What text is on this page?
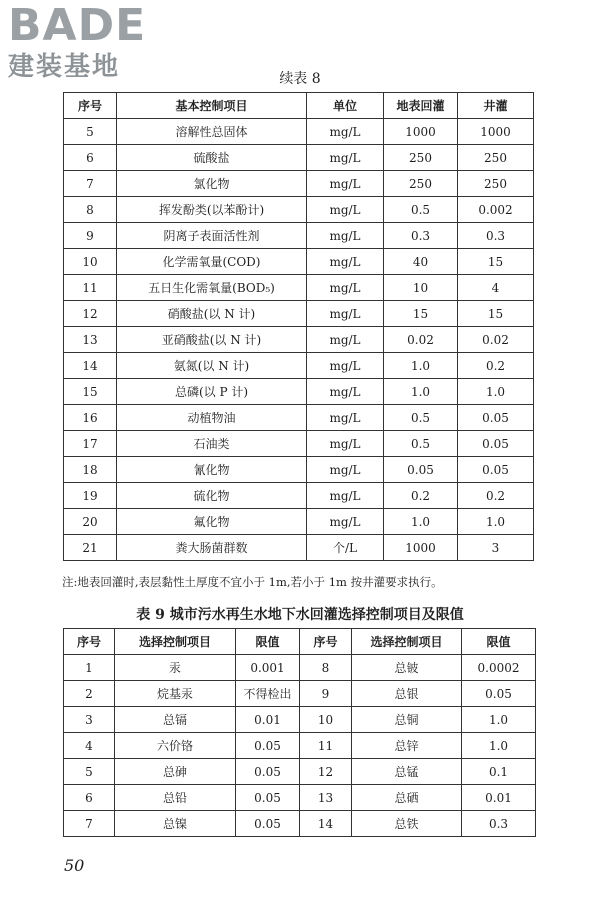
BADE
建装基地	续表 8
序号	基本控制项目	单位	地表回灌	井灌
5	溶解性总固体	mg/L	1000	1000
6	硫酸盐	mg/L	250	250
7	氯化物	mg/L	250	250
8	挥发酚类(以苯酚计)	mg/L	0.5	0.002
9	阴离子表面活性剂	mg/L	0.3	0.3
10	化学需氧量(COD)	mg/L	40	15
11	五日生化需氧量(BOD₅)	mg/L	10	4
12	硝酸盐(以 N 计)	mg/L	15	15
13	亚硝酸盐(以 N 计)	mg/L	0.02	0.02
14	氨氮(以 N 计)	mg/L	1.0	0.2
15	总磷(以 P 计)	mg/L	1.0	1.0
16	动植物油	mg/L	0.5	0.05
17	石油类	mg/L	0.5	0.05
18	氰化物	mg/L	0.05	0.05
19	硫化物	mg/L	0.2	0.2
20	氟化物	mg/L	1.0	1.0
21	粪大肠菌群数	个/L	1000	3
注:地表回灌时,表层黏性土厚度不宜小于 1m,若小于 1m 按井灌要求执行。
表 9 城市污水再生水地下水回灌选择控制项目及限值
序号	选择控制项目	限值	序号	选择控制项目	限值
1	汞	0.001	8	总铍	0.0002
2	烷基汞	不得检出	9	总银	0.05
3	总镉	0.01	10	总铜	1.0
4	六价铬	0.05	11	总锌	1.0
5	总砷	0.05	12	总锰	0.1
6	总铅	0.05	13	总硒	0.01
7	总镍	0.05	14	总铁	0.3
50
